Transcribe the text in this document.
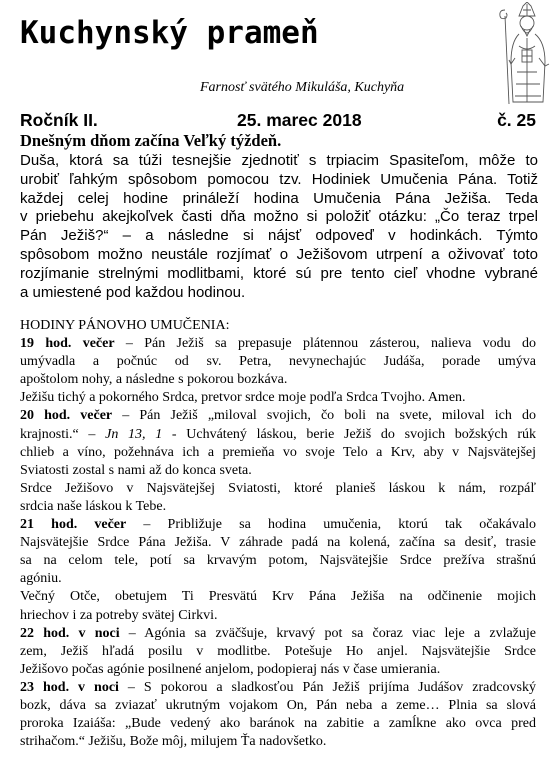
Kuchynský prameň
Farnosť svätého Mikuláša, Kuchyňa
Ročník II.	25. marec 2018	č. 25
Dnešným dňom začína Veľký týždeň.
Duša, ktorá sa túži tesnejšie zjednotiť s trpiacim Spasiteľom, môže to
urobiť ľahkým spôsobom pomocou tzv. Hodiniek Umučenia Pána. Totiž
každej celej hodine prináleží hodina Umučenia Pána Ježiša. Teda
v priebehu akejkoľvek časti dňa možno si položiť otázku: „Čo teraz trpel
Pán Ježiš?“ – a následne si nájsť odpoveď v hodinkách. Týmto
spôsobom možno neustále rozjímať o Ježišovom utrpení a oživovať toto
rozjímanie strelnými modlitbami, ktoré sú pre tento cieľ vhodne vybrané
a umiestené pod každou hodinou.
HODINY PÁNOVHO UMUČENIA:
19 hod. večer – Pán Ježiš sa prepasuje plátennou zásterou, nalieva vodu do
umývadla a počnúc od sv. Petra, nevynechajúc Judáša, porade umýva
apoštolom nohy, a následne s pokorou bozkáva.
Ježišu tichý a pokorného Srdca, pretvor srdce moje podľa Srdca Tvojho. Amen.
20 hod. večer – Pán Ježiš „miloval svojich, čo boli na svete, miloval ich do
krajnosti.“ – Jn 13, 1 - Uchvátený láskou, berie Ježiš do svojich božských rúk
chlieb a víno, požehnáva ich a premieňa vo svoje Telo a Krv, aby v Najsvätejšej
Sviatosti zostal s nami až do konca sveta.
Srdce Ježišovo v Najsvätejšej Sviatosti, ktoré planieš láskou k nám, rozpáľ
srdcia naše láskou k Tebe.
21 hod. večer – Približuje sa hodina umučenia, ktorú tak očakávalo
Najsvätejšie Srdce Pána Ježiša. V záhrade padá na kolená, začína sa desiť, trasie
sa na celom tele, potí sa krvavým potom, Najsvätejšie Srdce prežíva strašnú
agóniu.
Večný Otče, obetujem Ti Presvätú Krv Pána Ježiša na odčinenie mojich
hriechov i za potreby svätej Cirkvi.
22 hod. v noci – Agónia sa zväčšuje, krvavý pot sa čoraz viac leje a zvlažuje
zem, Ježiš hľadá posilu v modlitbe. Potešuje Ho anjel. Najsvätejšie Srdce
Ježišovo počas agónie posilnené anjelom, podopieraj nás v čase umierania.
23 hod. v noci – S pokorou a sladkosťou Pán Ježiš prijíma Judášov zradcovský
bozk, dáva sa zviazať ukrutným vojakom On, Pán neba a zeme… Plnia sa slová
proroka Izaiáša: „Bude vedený ako baránok na zabitie a zamĺkne ako ovca pred
strihačom.“ Ježišu, Bože môj, milujem Ťa nadovšetko.
